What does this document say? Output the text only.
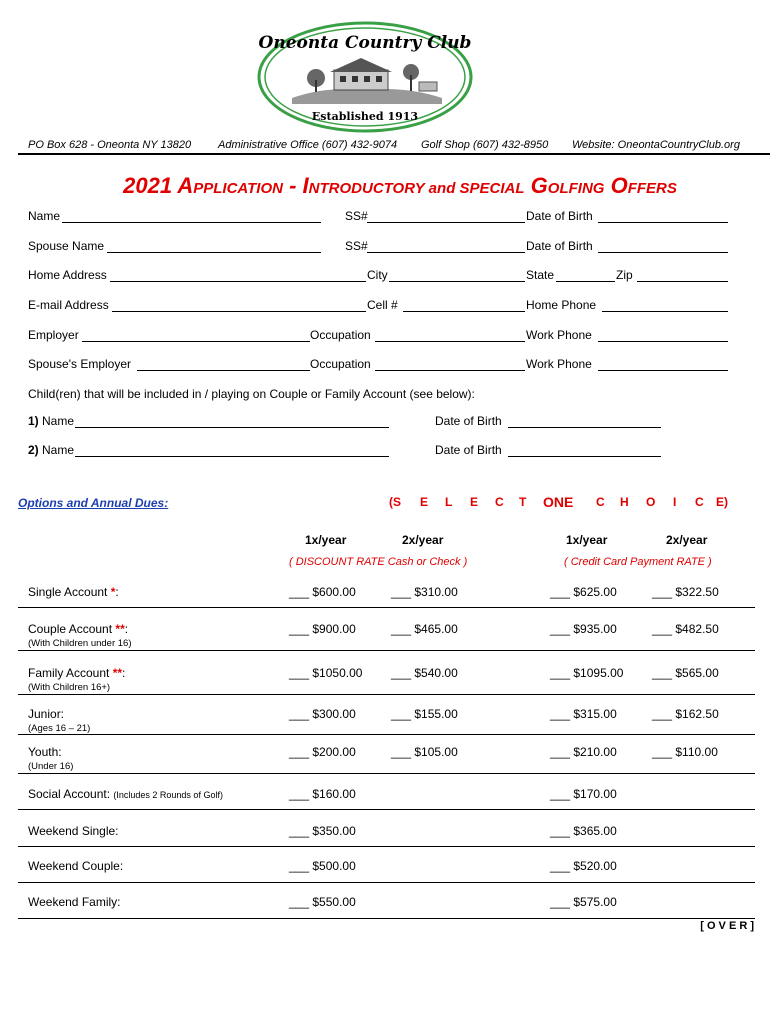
Oneonta Country Club
Established 1913
PO Box 628 - Oneonta NY 13820 Administrative Office (607) 432-9074 Golf Shop (607) 432-8950 Website: OneontaCountryClub.org
2021 APPLICATION - INTRODUCTORY and SPECIAL GOLFING OFFERS
Name	SS#	Date of Birth
Spouse Name	SS#	Date of Birth
Home Address	City	State	Zip
E-mail Address	Cell #	Home Phone
Employer	Occupation	Work Phone
Spouse's Employer	Occupation	Work Phone
Child(ren) that will be included in / playing on Couple or Family Account (see below):
1) Name	Date of Birth
2) Name	Date of Birth
Options and Annual Dues:	(S E L E C T ONE C H O I C E)
1x/year	2x/year	1x/year	2x/year
( DISCOUNT RATE Cash or Check )	( Credit Card Payment RATE )
Single Account *:	___ $600.00	___ $310.00	___ $625.00	___ $322.50
Couple Account **:
(With Children under 16)
___ $900.00	___ $465.00	___ $935.00	___ $482.50
Family Account **:
(With Children 16+)
___ $1050.00 ___ $540.00	___ $1095.00 ___ $565.00
Junior:
(Ages 16 – 21)
___ $300.00	___ $155.00	___ $315.00	___ $162.50
Youth:
(Under 16)
___ $200.00	___ $105.00	___ $210.00	___ $110.00
Social Account: (Includes 2 Rounds of Golf)	___ $160.00	___ $170.00
Weekend Single:	___ $350.00	___ $365.00
Weekend Couple:	___ $500.00	___ $520.00
Weekend Family:	___ $550.00	___ $575.00
[ O V E R ]
